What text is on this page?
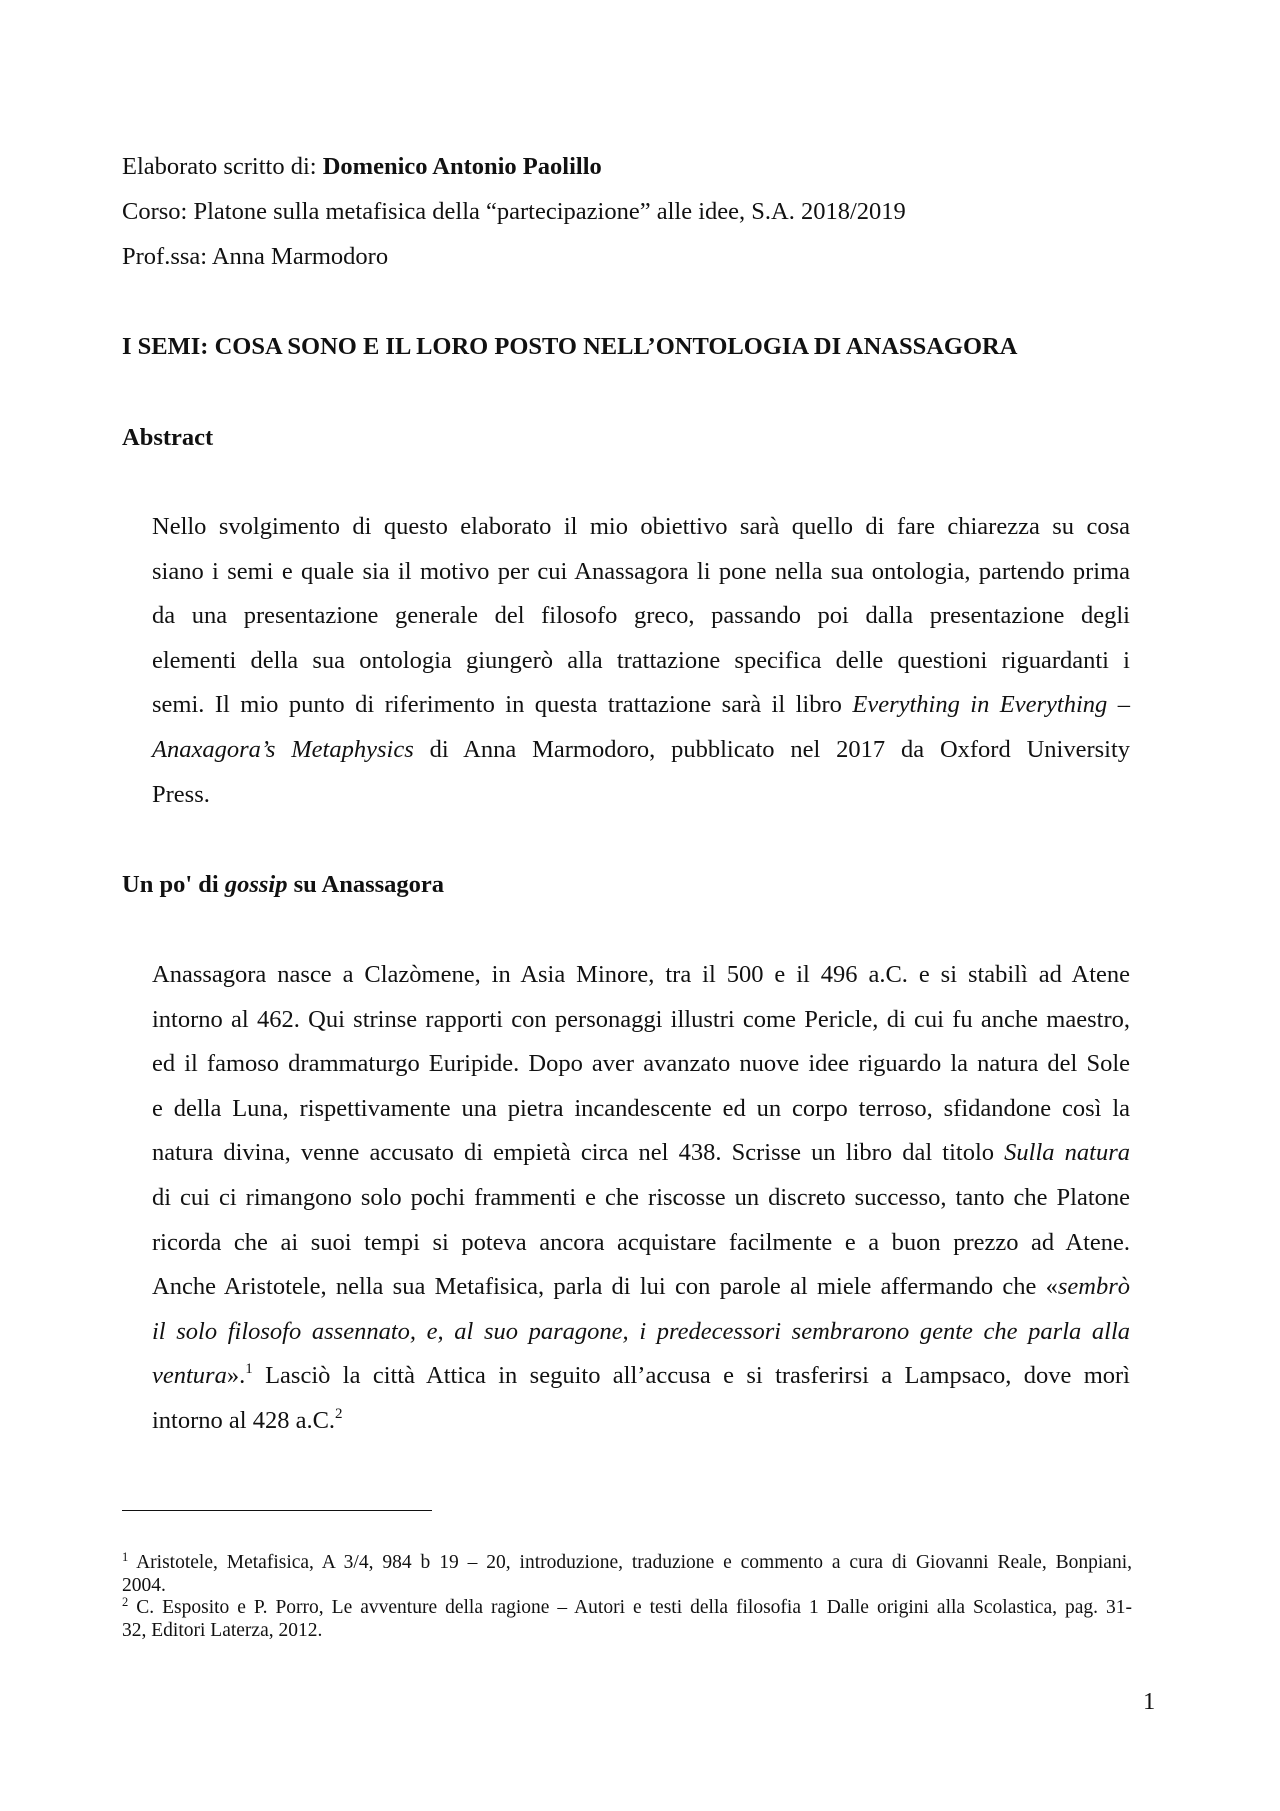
Elaborato scritto di: Domenico Antonio Paolillo
Corso: Platone sulla metafisica della “partecipazione” alle idee, S.A. 2018/2019
Prof.ssa: Anna Marmodoro
I SEMI: COSA SONO E IL LORO POSTO NELL’ONTOLOGIA DI ANASSAGORA
Abstract
Nello svolgimento di questo elaborato il mio obiettivo sarà quello di fare chiarezza su cosa
siano i semi e quale sia il motivo per cui Anassagora li pone nella sua ontologia, partendo prima
da una presentazione generale del filosofo greco, passando poi dalla presentazione degli
elementi della sua ontologia giungerò alla trattazione specifica delle questioni riguardanti i
semi. Il mio punto di riferimento in questa trattazione sarà il libro Everything in Everything –
Anaxagora’s Metaphysics di Anna Marmodoro, pubblicato nel 2017 da Oxford University
Press.
Un po' di gossip su Anassagora
Anassagora nasce a Clazòmene, in Asia Minore, tra il 500 e il 496 a.C. e si stabilì ad Atene
intorno al 462. Qui strinse rapporti con personaggi illustri come Pericle, di cui fu anche maestro,
ed il famoso drammaturgo Euripide. Dopo aver avanzato nuove idee riguardo la natura del Sole
e della Luna, rispettivamente una pietra incandescente ed un corpo terroso, sfidandone così la
natura divina, venne accusato di empietà circa nel 438. Scrisse un libro dal titolo Sulla natura
di cui ci rimangono solo pochi frammenti e che riscosse un discreto successo, tanto che Platone
ricorda che ai suoi tempi si poteva ancora acquistare facilmente e a buon prezzo ad Atene.
Anche Aristotele, nella sua Metafisica, parla di lui con parole al miele affermando che «sembrò
il solo filosofo assennato, e, al suo paragone, i predecessori sembrarono gente che parla alla
ventura».$^1$ Lasciò la città Attica in seguito all’accusa e si trasferirsi a Lampsaco, dove morì
intorno al 428 a.C.$^2$
$^1$ Aristotele, Metafisica, A 3/4, 984 b 19 – 20, introduzione, traduzione e commento a cura di Giovanni Reale, Bonpiani,
2004.
$^2$ C. Esposito e P. Porro, Le avventure della ragione – Autori e testi della filosofia 1 Dalle origini alla Scolastica, pag. 31-
32, Editori Laterza, 2012.
1
